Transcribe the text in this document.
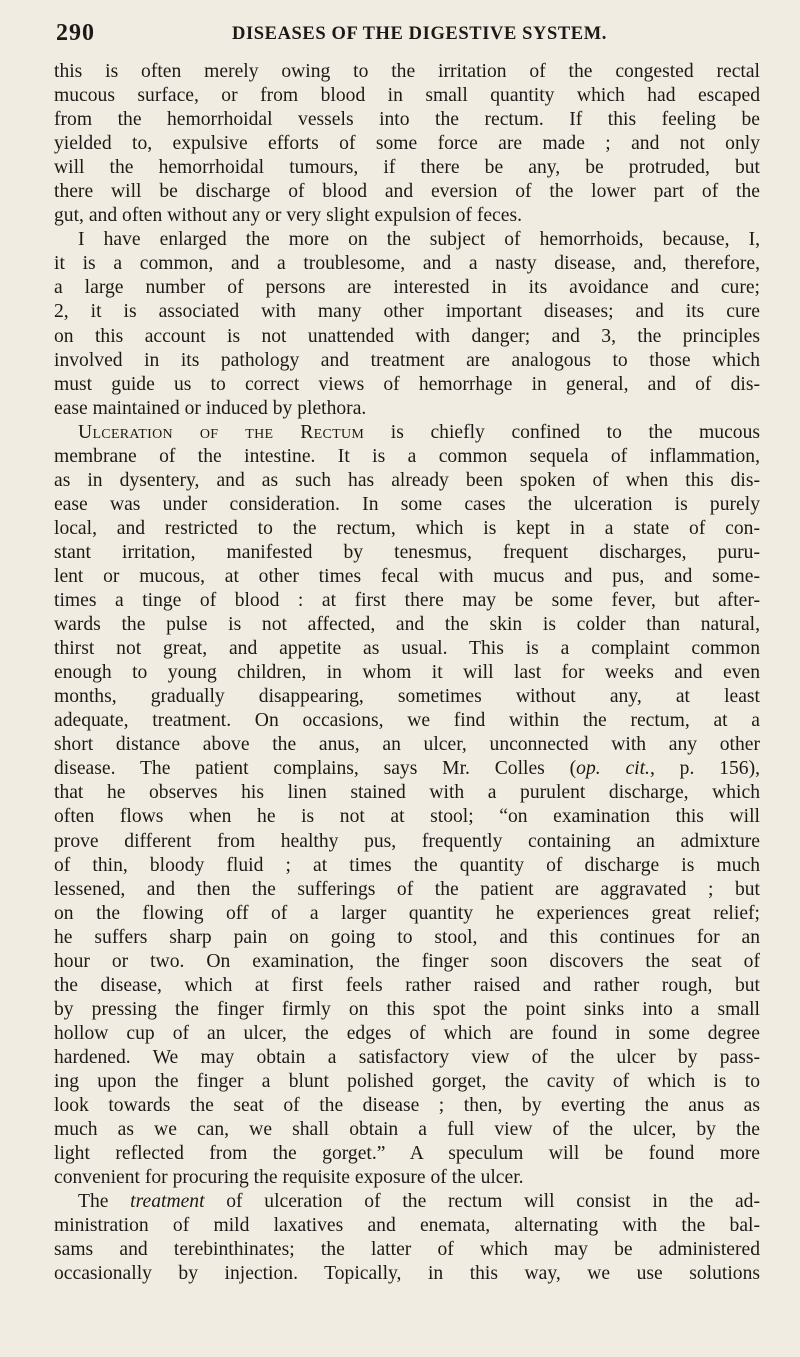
290	DISEASES OF THE DIGESTIVE SYSTEM.
this is often merely owing to the irritation of the congested rectal
mucous surface, or from blood in small quantity which had escaped
from the hemorrhoidal vessels into the rectum. If this feeling be
yielded to, expulsive efforts of some force are made ; and not only
will the hemorrhoidal tumours, if there be any, be protruded, but
there will be discharge of blood and eversion of the lower part of the
gut, and often without any or very slight expulsion of feces.
I have enlarged the more on the subject of hemorrhoids, because, I,
it is a common, and a troublesome, and a nasty disease, and, therefore,
a large number of persons are interested in its avoidance and cure;
2, it is associated with many other important diseases; and its cure
on this account is not unattended with danger; and 3, the principles
involved in its pathology and treatment are analogous to those which
must guide us to correct views of hemorrhage in general, and of dis-
ease maintained or induced by plethora.
Ulceration of the Rectum is chiefly confined to the mucous
membrane of the intestine. It is a common sequela of inflammation,
as in dysentery, and as such has already been spoken of when this dis-
ease was under consideration. In some cases the ulceration is purely
local, and restricted to the rectum, which is kept in a state of con-
stant irritation, manifested by tenesmus, frequent discharges, puru-
lent or mucous, at other times fecal with mucus and pus, and some-
times a tinge of blood : at first there may be some fever, but after-
wards the pulse is not affected, and the skin is colder than natural,
thirst not great, and appetite as usual. This is a complaint common
enough to young children, in whom it will last for weeks and even
months, gradually disappearing, sometimes without any, at least
adequate, treatment. On occasions, we find within the rectum, at a
short distance above the anus, an ulcer, unconnected with any other
disease. The patient complains, says Mr. Colles (op. cit., p. 156),
that he observes his linen stained with a purulent discharge, which
often flows when he is not at stool; “on examination this will
prove different from healthy pus, frequently containing an admixture
of thin, bloody fluid ; at times the quantity of discharge is much
lessened, and then the sufferings of the patient are aggravated ; but
on the flowing off of a larger quantity he experiences great relief;
he suffers sharp pain on going to stool, and this continues for an
hour or two. On examination, the finger soon discovers the seat of
the disease, which at first feels rather raised and rather rough, but
by pressing the finger firmly on this spot the point sinks into a small
hollow cup of an ulcer, the edges of which are found in some degree
hardened. We may obtain a satisfactory view of the ulcer by pass-
ing upon the finger a blunt polished gorget, the cavity of which is to
look towards the seat of the disease ; then, by everting the anus as
much as we can, we shall obtain a full view of the ulcer, by the
light reflected from the gorget.” A speculum will be found more
convenient for procuring the requisite exposure of the ulcer.
The treatment of ulceration of the rectum will consist in the ad-
ministration of mild laxatives and enemata, alternating with the bal-
sams and terebinthinates; the latter of which may be administered
occasionally by injection. Topically, in this way, we use solutions
